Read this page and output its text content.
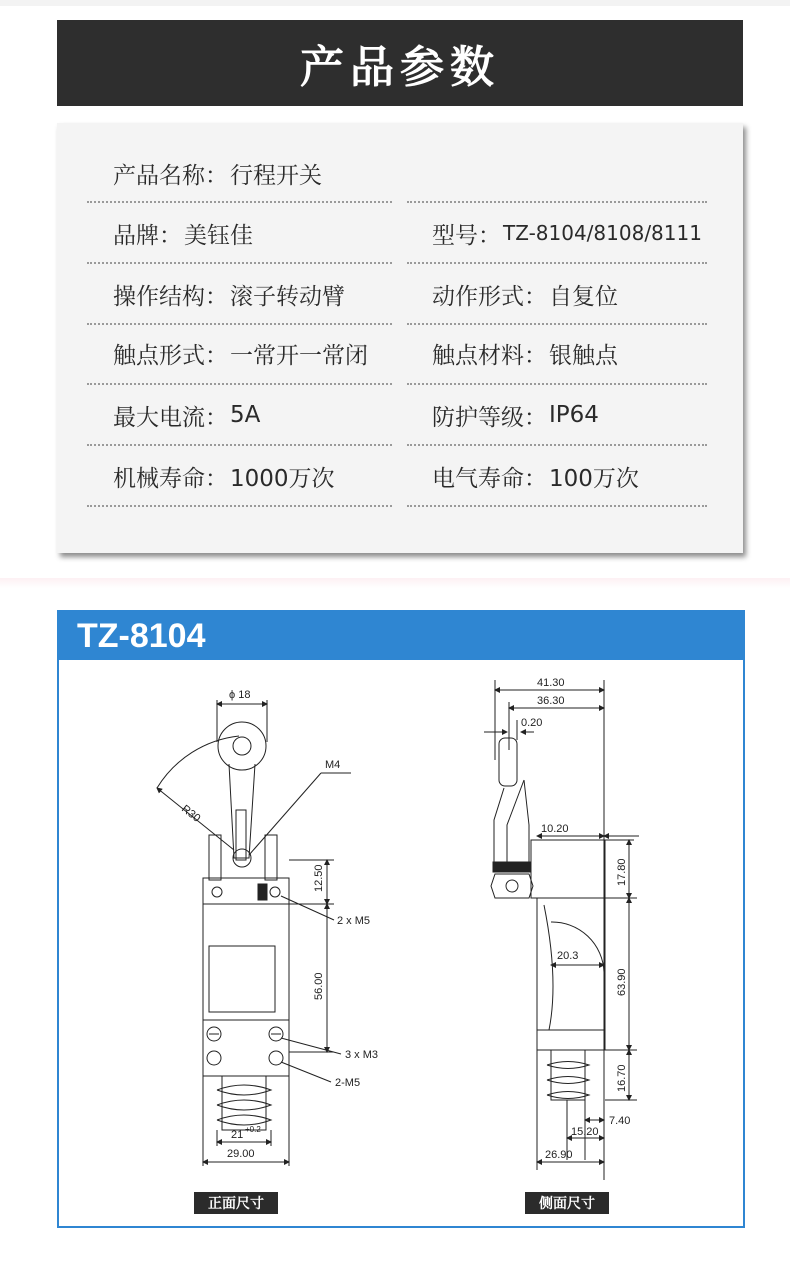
产品参数
产品名称： 行程开关
品牌： 美钰佳	型号： TZ-8104/8108/8111
操作结构： 滚子转动臂	动作形式： 自复位
触点形式： 一常开一常闭	触点材料： 银触点
最大电流： 5A	防护等级： IP64
机械寿命： 1000万次	电气寿命： 100万次
TZ-8104
ϕ 18
R30
M4
12.50
2 x M5
56.00
3 x M3
2-M5
21 +0.2
29.00
41.30
36.30
0.20
10.20
17.80
20.3
63.90
16.70
7.40
15.20
26.90
正面尺寸	侧面尺寸
